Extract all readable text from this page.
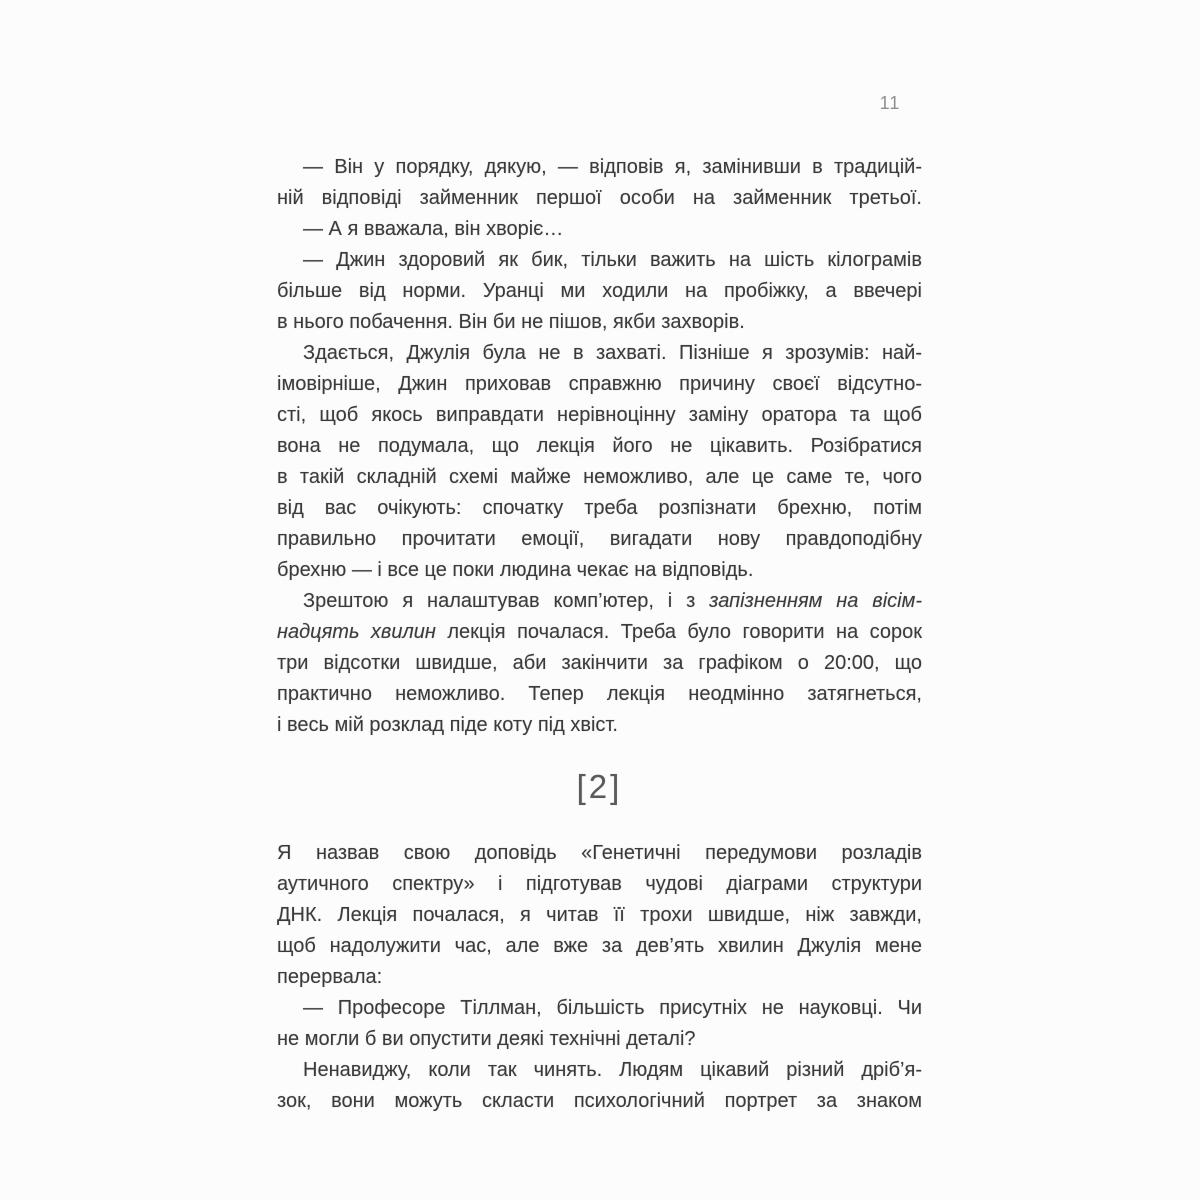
11
— Він у порядку, дякую, — відповів я, замінивши в традицій-
ній відповіді займенник першої особи на займенник третьої.
— А я вважала, він хворіє…
— Джин здоровий як бик, тільки важить на шість кілограмів
більше від норми. Уранці ми ходили на пробіжку, а ввечері
в нього побачення. Він би не пішов, якби захворів.
Здається, Джулія була не в захваті. Пізніше я зрозумів: най-
імовірніше, Джин приховав справжню причину своєї відсутно-
сті, щоб якось виправдати нерівноцінну заміну оратора та щоб
вона не подумала, що лекція його не цікавить. Розібратися
в такій складній схемі майже неможливо, але це саме те, чого
від вас очікують: спочатку треба розпізнати брехню, потім
правильно прочитати емоції, вигадати нову правдоподібну
брехню — і все це поки людина чекає на відповідь.
Зрештою я налаштував комп’ютер, і з запізненням на вісім-
надцять хвилин лекція почалася. Треба було говорити на сорок
три відсотки швидше, аби закінчити за графіком о 20:00, що
практично неможливо. Тепер лекція неодмінно затягнеться,
і весь мій розклад піде коту під хвіст.
[2]
Я назвав свою доповідь «Генетичні передумови розладів
аутичного спектру» і підготував чудові діаграми структури
ДНК. Лекція почалася, я читав її трохи швидше, ніж завжди,
щоб надолужити час, але вже за дев’ять хвилин Джулія мене
перервала:
— Професоре Тіллман, більшість присутніх не науковці. Чи
не могли б ви опустити деякі технічні деталі?
Ненавиджу, коли так чинять. Людям цікавий різний дріб’я-
зок, вони можуть скласти психологічний портрет за знаком
